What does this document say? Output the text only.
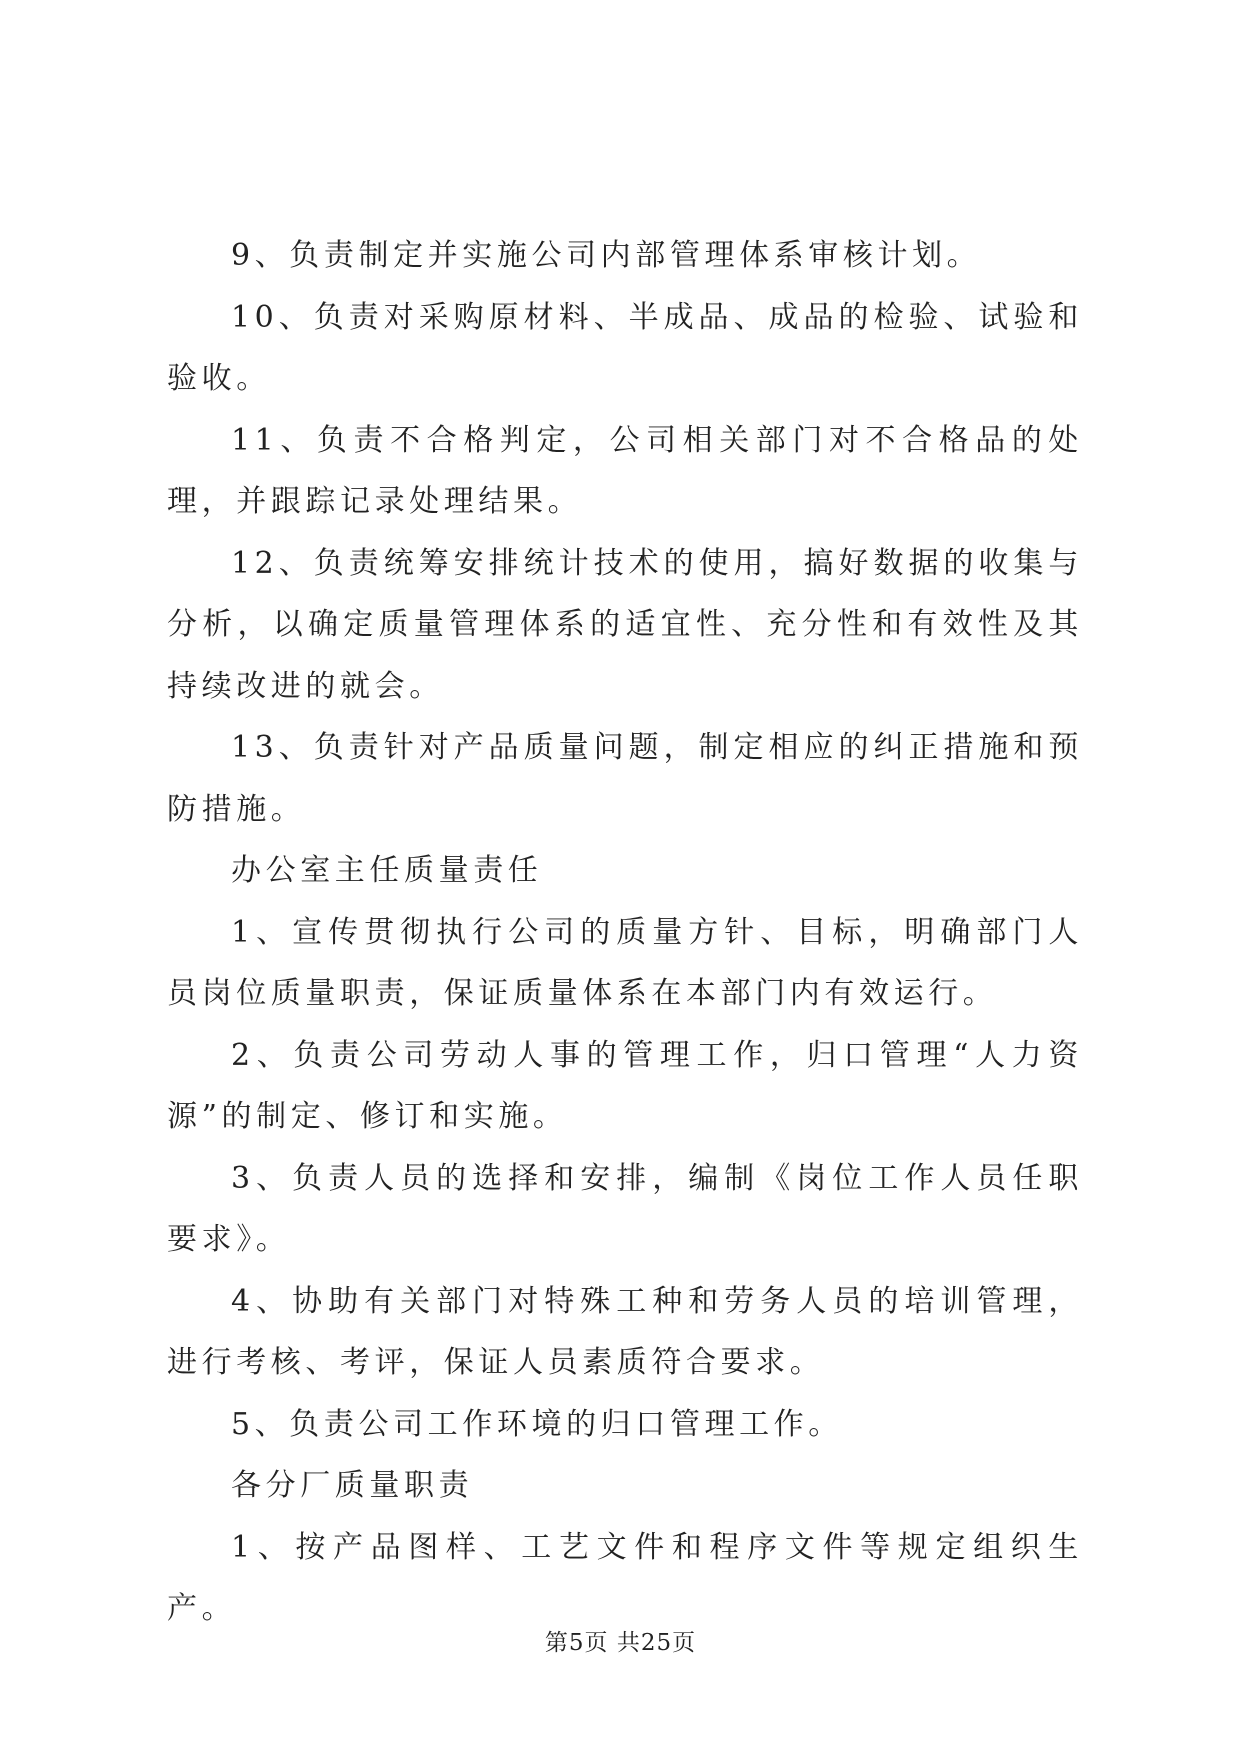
9、负责制定并实施公司内部管理体系审核计划。

10、负责对采购原材料、半成品、成品的检验、试验和验收。

11、负责不合格判定，公司相关部门对不合格品的处理，并跟踪记录处理结果。

12、负责统筹安排统计技术的使用，搞好数据的收集与分析，以确定质量管理体系的适宜性、充分性和有效性及其持续改进的就会。

13、负责针对产品质量问题，制定相应的纠正措施和预防措施。

办公室主任质量责任

1、宣传贯彻执行公司的质量方针、目标，明确部门人员岗位质量职责，保证质量体系在本部门内有效运行。

2、负责公司劳动人事的管理工作，归口管理“人力资源”的制定、修订和实施。

3、负责人员的选择和安排，编制《岗位工作人员任职要求》。

4、协助有关部门对特殊工种和劳务人员的培训管理，进行考核、考评，保证人员素质符合要求。

5、负责公司工作环境的归口管理工作。

各分厂质量职责

1、按产品图样、工艺文件和程序文件等规定组织生产。

第5页 共25页
